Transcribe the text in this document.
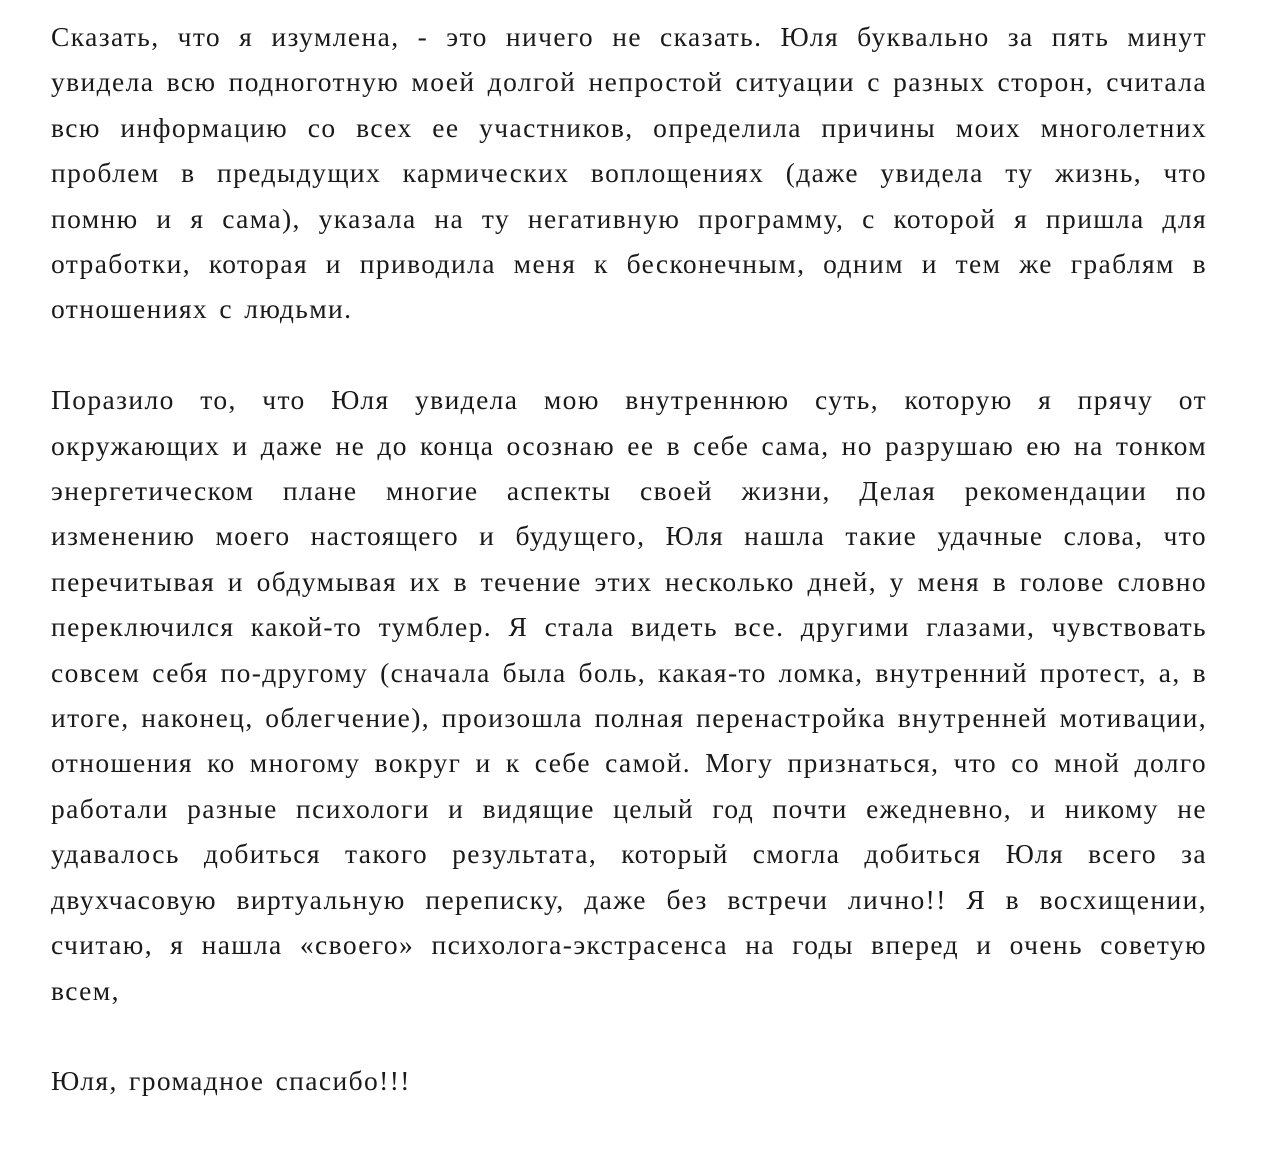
Сказать, что я изумлена, - это ничего не сказать. Юля буквально за пять минут увидела всю подноготную моей долгой непростой ситуации с разных сторон, считала всю информацию со всех ее участников, определила причины моих многолетних проблем в предыдущих кармических воплощениях (даже увидела ту жизнь, что помню и я сама), указала на ту негативную программу, с которой я пришла для отработки, которая и приводила меня к бесконечным, одним и тем же граблям в отношениях с людьми.

Поразило то, что Юля увидела мою внутреннюю суть, которую я прячу от окружающих и даже не до конца осознаю ее в себе сама, но разрушаю ею на тонком энергетическом плане многие аспекты своей жизни, Делая рекомендации по изменению моего настоящего и будущего, Юля нашла такие удачные слова, что перечитывая и обдумывая их в течение этих несколько дней, у меня в голове словно переключился какой-то тумблер. Я стала видеть все. другими глазами, чувствовать совсем себя по-другому (сначала была боль, какая-то ломка, внутренний протест, а, в итоге, наконец, облегчение), произошла полная перенастройка внутренней мотивации, отношения ко многому вокруг и к себе самой. Могу признаться, что со мной долго работали разные психологи и видящие целый год почти ежедневно, и никому не удавалось добиться такого результата, который смогла добиться Юля всего за двухчасовую виртуальную переписку, даже без встречи лично!! Я в восхищении, считаю, я нашла «своего» психолога-экстрасенса на годы вперед и очень советую всем,

Юля, громадное спасибо!!!
